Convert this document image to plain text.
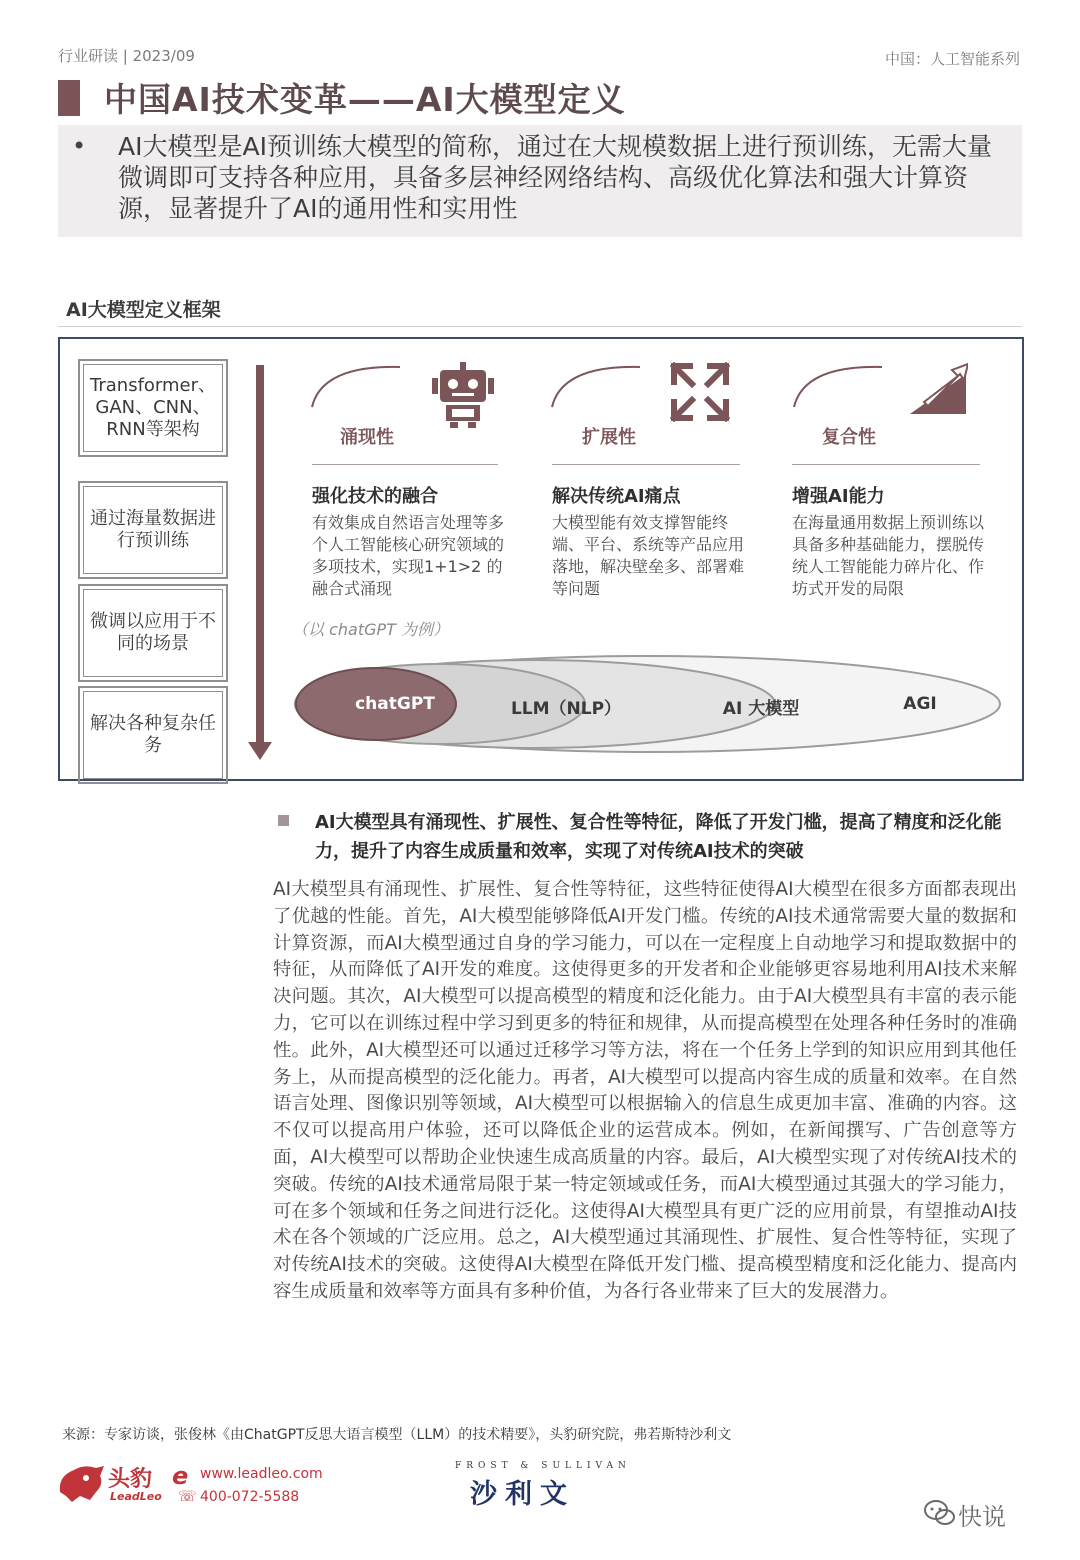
行业研读 | 2023/09	中国：人工智能系列
中国AI技术变革——AI大模型定义
• AI大模型是AI预训练大模型的简称，通过在大规模数据上进行预训练，无需大量微调即可支持各种应用，具备多层神经网络结构、高级优化算法和强大计算资源，显著提升了AI的通用性和实用性
AI大模型定义框架
Transformer、GAN、CNN、RNN等架构
通过海量数据进行预训练
微调以应用于不同的场景
解决各种复杂任务
涌现性	扩展性	复合性
强化技术的融合	解决传统AI痛点	增强AI能力
有效集成自然语言处理等多个人工智能核心研究领域的多项技术，实现1+1>2 的融合式涌现
大模型能有效支撑智能终端、平台、系统等产品应用落地，解决壁垒多、部署难等问题
在海量通用数据上预训练以具备多种基础能力，摆脱传统人工智能能力碎片化、作坊式开发的局限
（以 chatGPT 为例）
chatGPT	LLM（NLP）	AI 大模型	AGI
AI大模型具有涌现性、扩展性、复合性等特征，降低了开发门槛，提高了精度和泛化能力，提升了内容生成质量和效率，实现了对传统AI技术的突破
AI大模型具有涌现性、扩展性、复合性等特征，这些特征使得AI大模型在很多方面都表现出了优越的性能。首先，AI大模型能够降低AI开发门槛。传统的AI技术通常需要大量的数据和计算资源，而AI大模型通过自身的学习能力，可以在一定程度上自动地学习和提取数据中的特征，从而降低了AI开发的难度。这使得更多的开发者和企业能够更容易地利用AI技术来解决问题。其次，AI大模型可以提高模型的精度和泛化能力。由于AI大模型具有丰富的表示能力，它可以在训练过程中学习到更多的特征和规律，从而提高模型在处理各种任务时的准确性。此外，AI大模型还可以通过迁移学习等方法，将在一个任务上学到的知识应用到其他任务上，从而提高模型的泛化能力。再者，AI大模型可以提高内容生成的质量和效率。在自然语言处理、图像识别等领域，AI大模型可以根据输入的信息生成更加丰富、准确的内容。这不仅可以提高用户体验，还可以降低企业的运营成本。例如，在新闻撰写、广告创意等方面，AI大模型可以帮助企业快速生成高质量的内容。最后，AI大模型实现了对传统AI技术的突破。传统的AI技术通常局限于某一特定领域或任务，而AI大模型通过其强大的学习能力，可在多个领域和任务之间进行泛化。这使得AI大模型具有更广泛的应用前景，有望推动AI技术在各个领域的广泛应用。总之，AI大模型通过其涌现性、扩展性、复合性等特征，实现了对传统AI技术的突破。这使得AI大模型在降低开发门槛、提高模型精度和泛化能力、提高内容生成质量和效率等方面具有多种价值，为各行各业带来了巨大的发展潜力。
来源：专家访谈，张俊林《由ChatGPT反思大语言模型（LLM）的技术精要》，头豹研究院，弗若斯特沙利文
头豹
LeadLeo
e www.leadleo.com
☏ 400-072-5588
FROST & SULLIVAN
沙利文
快说
